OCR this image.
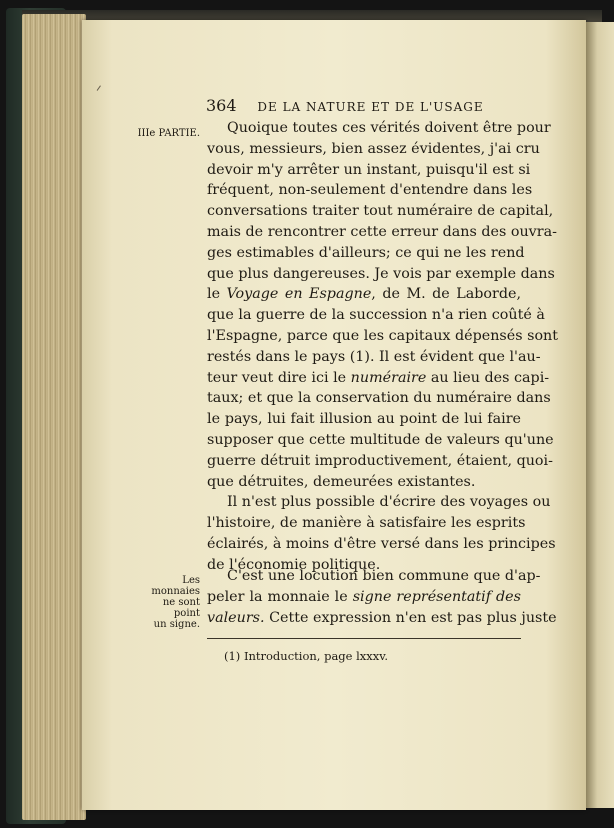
364 DE LA NATURE ET DE L'USAGE
IIIe PARTIE.
Les monnaies
ne sont point
un signe.
Quoique toutes ces vérités doivent être pour
vous, messieurs, bien assez évidentes, j'ai cru
devoir m'y arrêter un instant, puisqu'il est si
fréquent, non-seulement d'entendre dans les
conversations traiter tout numéraire de capital,
mais de rencontrer cette erreur dans des ouvra-
ges estimables d'ailleurs; ce qui ne les rend
que plus dangereuses. Je vois par exemple dans
le Voyage en Espagne, de M. de Laborde,
que la guerre de la succession n'a rien coûté à
l'Espagne, parce que les capitaux dépensés sont
restés dans le pays (1). Il est évident que l'au-
teur veut dire ici le numéraire au lieu des capi-
taux; et que la conservation du numéraire dans
le pays, lui fait illusion au point de lui faire
supposer que cette multitude de valeurs qu'une
guerre détruit improductivement, étaient, quoi-
que détruites, demeurées existantes.
Il n'est plus possible d'écrire des voyages ou
l'histoire, de manière à satisfaire les esprits
éclairés, à moins d'être versé dans les principes
de l'économie politique.
C'est une locution bien commune que d'ap-
peler la monnaie le signe représentatif des
valeurs. Cette expression n'en est pas plus juste
(1) Introduction, page lxxxv.
